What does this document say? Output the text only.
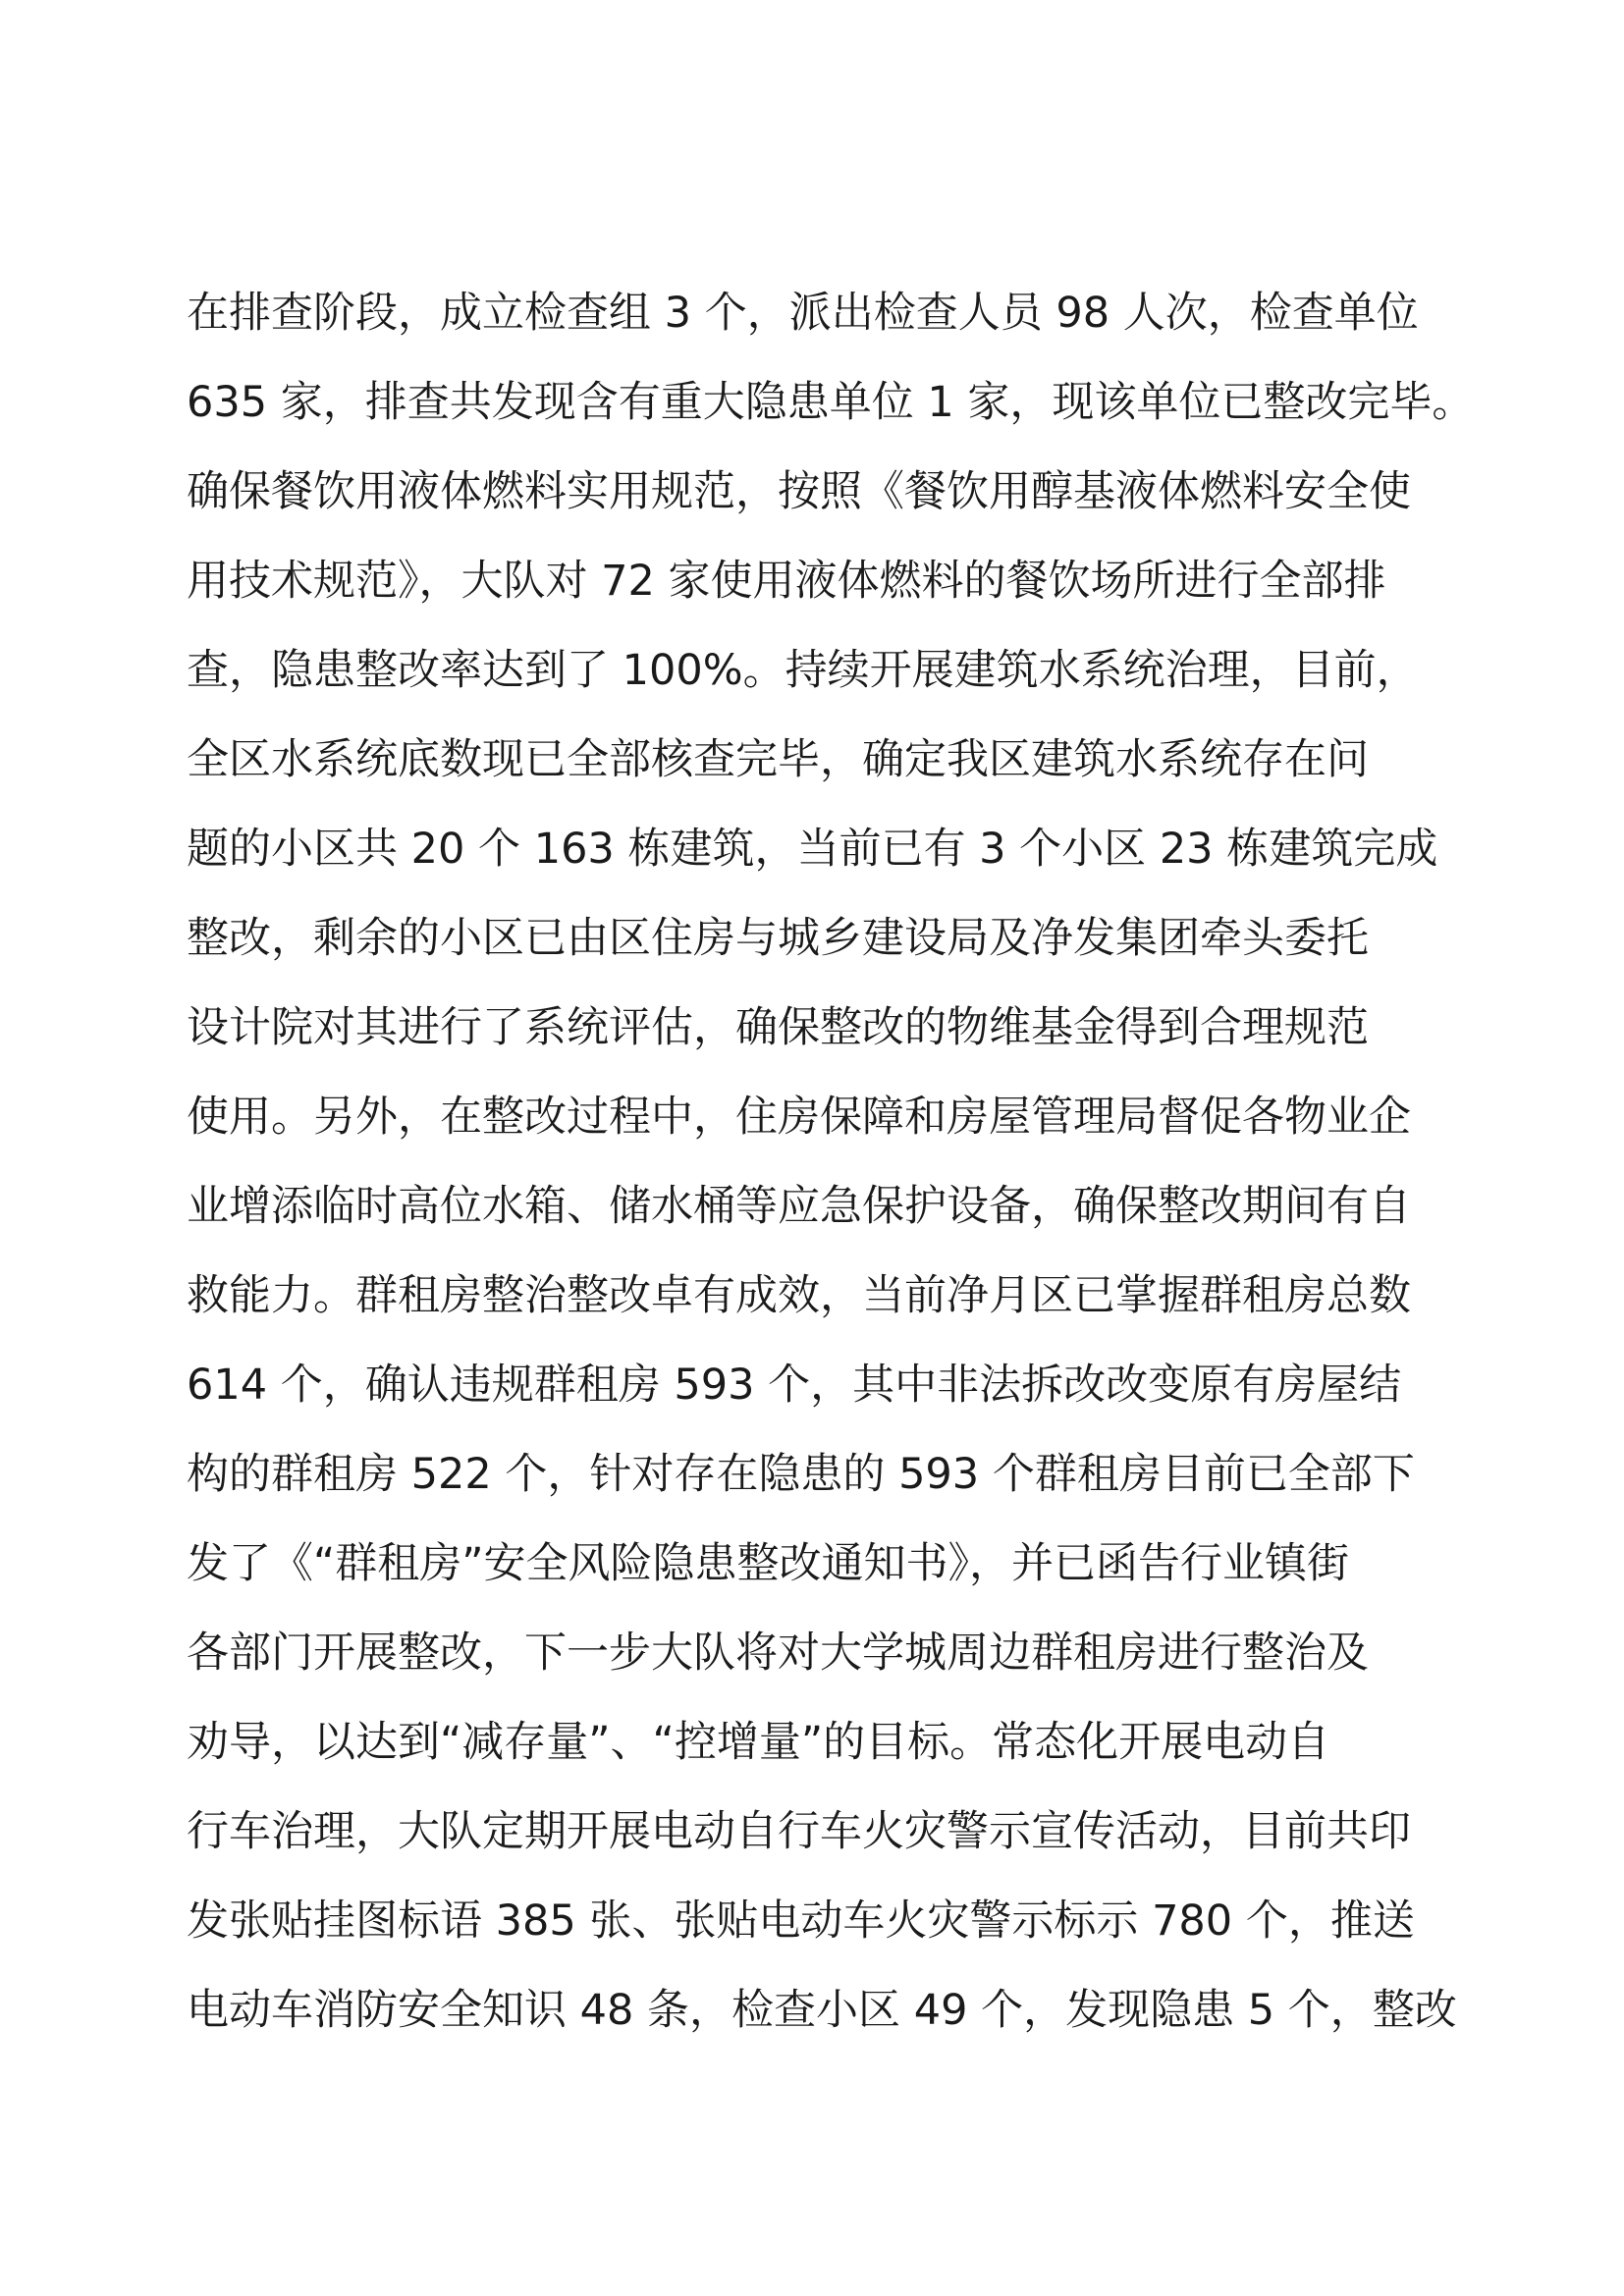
在排查阶段，成立检查组 3 个，派出检查人员 98 人次，检查单位
635 家，排查共发现含有重大隐患单位 1 家，现该单位已整改完毕。
确保餐饮用液体燃料实用规范，按照《餐饮用醇基液体燃料安全使
用技术规范》，大队对 72 家使用液体燃料的餐饮场所进行全部排
查，隐患整改率达到了 100%。持续开展建筑水系统治理，目前，
全区水系统底数现已全部核查完毕，确定我区建筑水系统存在问
题的小区共 20 个 163 栋建筑，当前已有 3 个小区 23 栋建筑完成
整改，剩余的小区已由区住房与城乡建设局及净发集团牵头委托
设计院对其进行了系统评估，确保整改的物维基金得到合理规范
使用。另外，在整改过程中，住房保障和房屋管理局督促各物业企
业增添临时高位水箱、储水桶等应急保护设备，确保整改期间有自
救能力。群租房整治整改卓有成效，当前净月区已掌握群租房总数
614 个，确认违规群租房 593 个，其中非法拆改改变原有房屋结
构的群租房 522 个，针对存在隐患的 593 个群租房目前已全部下
发了《“群租房”安全风险隐患整改通知书》，并已函告行业镇街
各部门开展整改，下一步大队将对大学城周边群租房进行整治及
劝导，以达到“减存量”、“控增量”的目标。常态化开展电动自
行车治理，大队定期开展电动自行车火灾警示宣传活动，目前共印
发张贴挂图标语 385 张、张贴电动车火灾警示标示 780 个，推送
电动车消防安全知识 48 条，检查小区 49 个，发现隐患 5 个，整改
